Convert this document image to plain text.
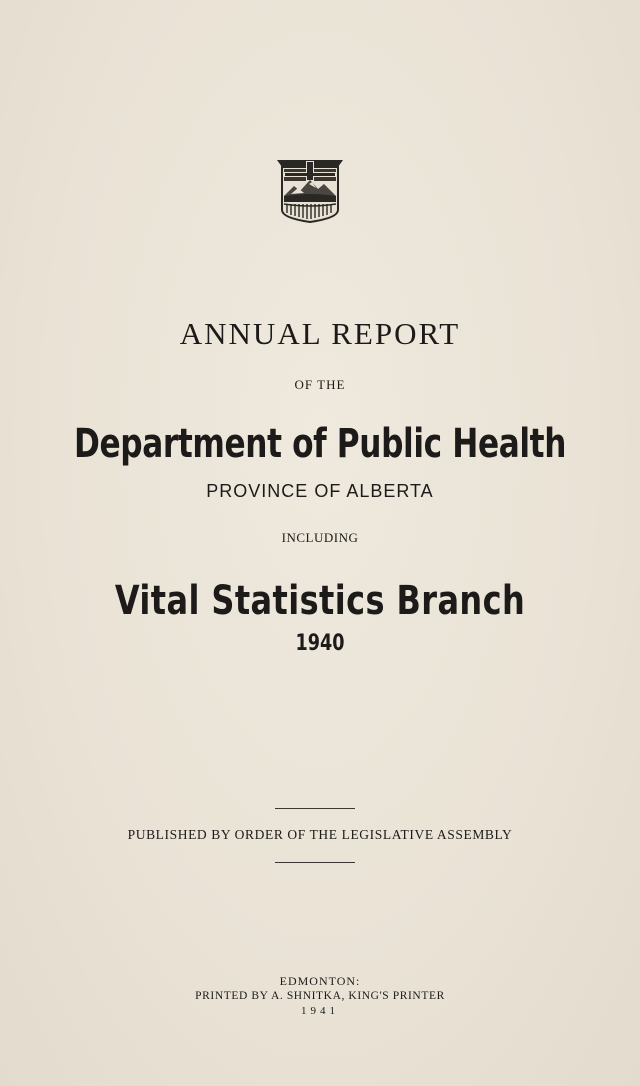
ANNUAL REPORT
OF THE
Department of Public Health
PROVINCE OF ALBERTA
INCLUDING
Vital Statistics Branch
1940
PUBLISHED BY ORDER OF THE LEGISLATIVE ASSEMBLY
EDMONTON:
PRINTED BY A. SHNITKA, KING'S PRINTER
1941
